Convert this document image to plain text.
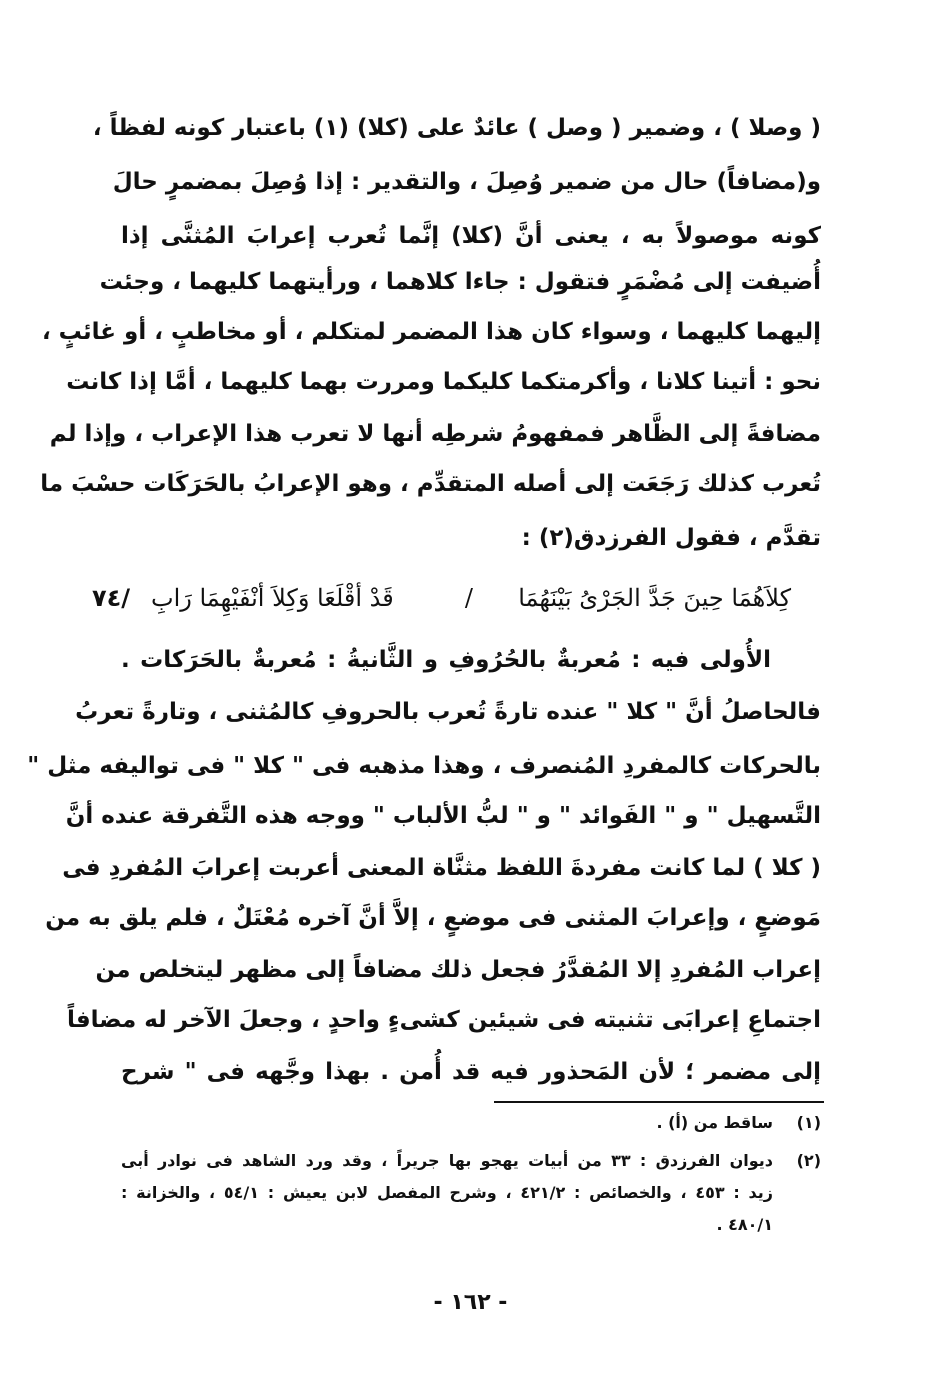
( وصلا ) ، وضمير ( وصل ) عائدٌ على (كلا) (١) باعتبار كونه لفظاً ،
و(مضافاً) حال من ضمير وُصِلَ ، والتقدير : إذا وُصِلَ بمضمرٍ حالَ
كونه موصولاً به ، يعنى أنَّ (كلا) إنَّما تُعرب إعرابَ المُثنَّى إذا
أُضيفت إلى مُضْمَرٍ فتقول : جاءا كلاهما ، ورأيتهما كليهما ، وجئت
إليهما كليهما ، وسواء كان هذا المضمر لمتكلم ، أو مخاطبٍ ، أو غائبٍ ،
نحو : أتينا كلانا ، وأكرمتكما كليكما ومررت بهما كليهما ، أمَّا إذا كانت
مضافةً إلى الظَّاهر فمفهومُ شرطِه أنها لا تعرب هذا الإعراب ، وإذا لم
تُعرب كذلك رَجَعَت إلى أصله المتقدِّم ، وهو الإعرابُ بالحَرَكَات حسْبَ ما
تقدَّم ، فقول الفرزدق(٢) :
كِلاَهُمَا حِينَ جَدَّ الجَرْىُ بَيْنَهُمَا
/
قَدْ أقْلَعَا وَكِلاَ أنْفَيْهِمَا رَابِ
/٧٤
الأُولى فيه : مُعربةٌ بالحُرُوفِ و الثَّانيةُ : مُعربةٌ بالحَرَكات .
فالحاصلُ أنَّ " كلا " عنده تارةً تُعرب بالحروفِ كالمُثنى ، وتارةً تعربُ
بالحركات كالمفردِ المُنصرف ، وهذا مذهبه فى " كلا " فى تواليفه مثل "
التَّسهيل " و " الفَوائد " و " لبُّ الألباب " ووجه هذه التَّفرقة عنده أنَّ
( كلا ) لما كانت مفردةَ اللفظ مثنَّاة المعنى أعربت إعرابَ المُفردِ فى
مَوضعٍ ، وإعرابَ المثنى فى موضعٍ ، إلاَّ أنَّ آخره مُعْتَلٌ ، فلم يلق به من
إعراب المُفردِ إلا المُقدَّرُ فجعل ذلك مضافاً إلى مظهر ليتخلص من
اجتماعِ إعرابَى تثنيته فى شيئين كشىءٍ واحدٍ ، وجعلَ الآخر له مضافاً
إلى مضمر ؛ لأن المَحذور فيه قد أُمن . بهذا وجَّهه فى " شرح
(١)
ساقط من (أ) .
(٢)
ديوان الفرزدق : ٣٣ من أبيات يهجو بها جريراً ، وقد ورد الشاهد فى نوادر أبى
زيد : ٤٥٣ ، والخصائص : ٤٢١/٢ ، وشرح المفصل لابن يعيش : ٥٤/١ ، والخزانة :
٤٨٠/١ .
- ١٦٢ -
